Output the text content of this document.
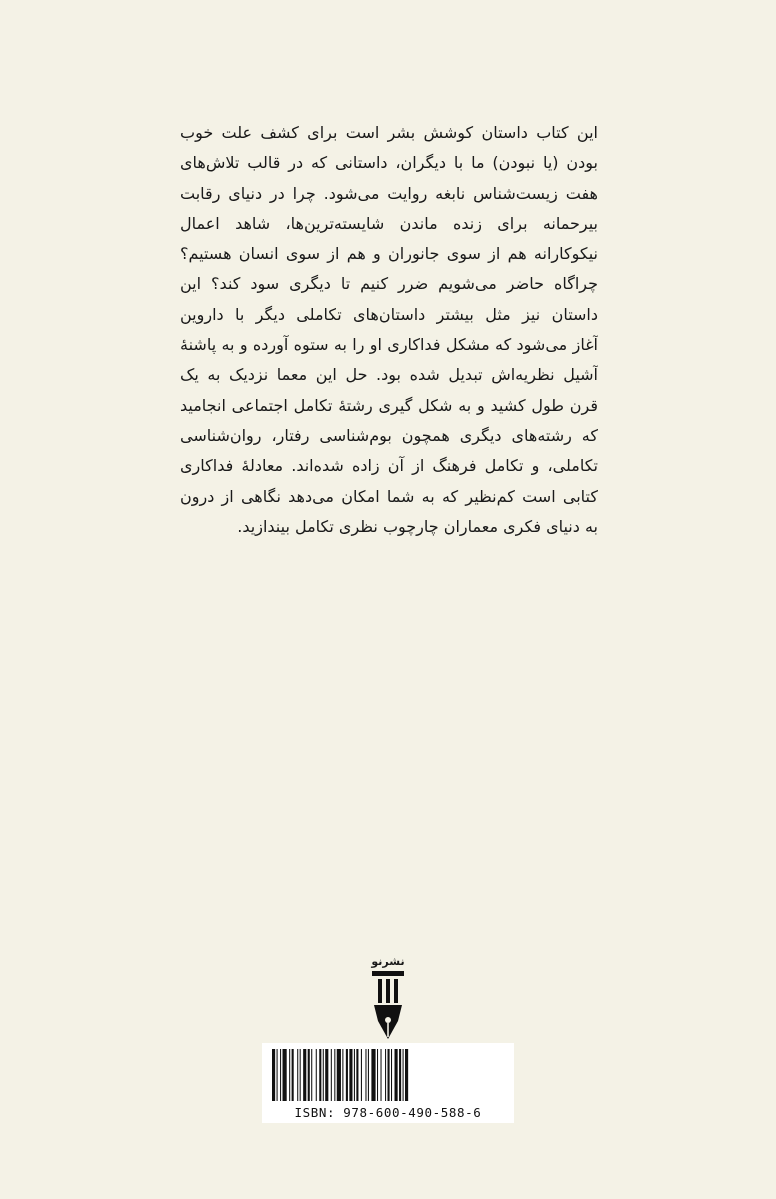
این کتاب داستان کوشش بشر است برای کشف علت خوب
بودن (یا نبودن) ما با دیگران، داستانی که در قالب تلاش‌های
هفت زیست‌شناس نابغه روایت می‌شود. چرا در دنیای رقابت
بیرحمانه برای زنده ماندن شایسته‌ترین‌ها، شاهد اعمال
نیکوکارانه هم از سوی جانوران و هم از سوی انسان هستیم؟
چراگاه حاضر می‌شویم ضرر کنیم تا دیگری سود کند؟ این
داستان نیز مثل بیشتر داستان‌های تکاملی دیگر با داروین
آغاز می‌شود که مشکل فداکاری او را به ستوه آورده و به پاشنهٔ
آشیل نظریه‌اش تبدیل شده بود. حل این معما نزدیک به یک
قرن طول کشید و به شکل گیری رشتهٔ تکامل اجتماعی انجامید
که رشته‌های دیگری همچون بوم‌شناسی رفتار، روان‌شناسی
تکاملی، و تکامل فرهنگ از آن زاده شده‌اند. معادلهٔ فداکاری
کتابی است کم‌نظیر که به شما امکان می‌دهد نگاهی از درون
به دنیای فکری معماران چارچوب نظری تکامل بیندازید.
نشرنو
ISBN: 978-600-490-588-6
